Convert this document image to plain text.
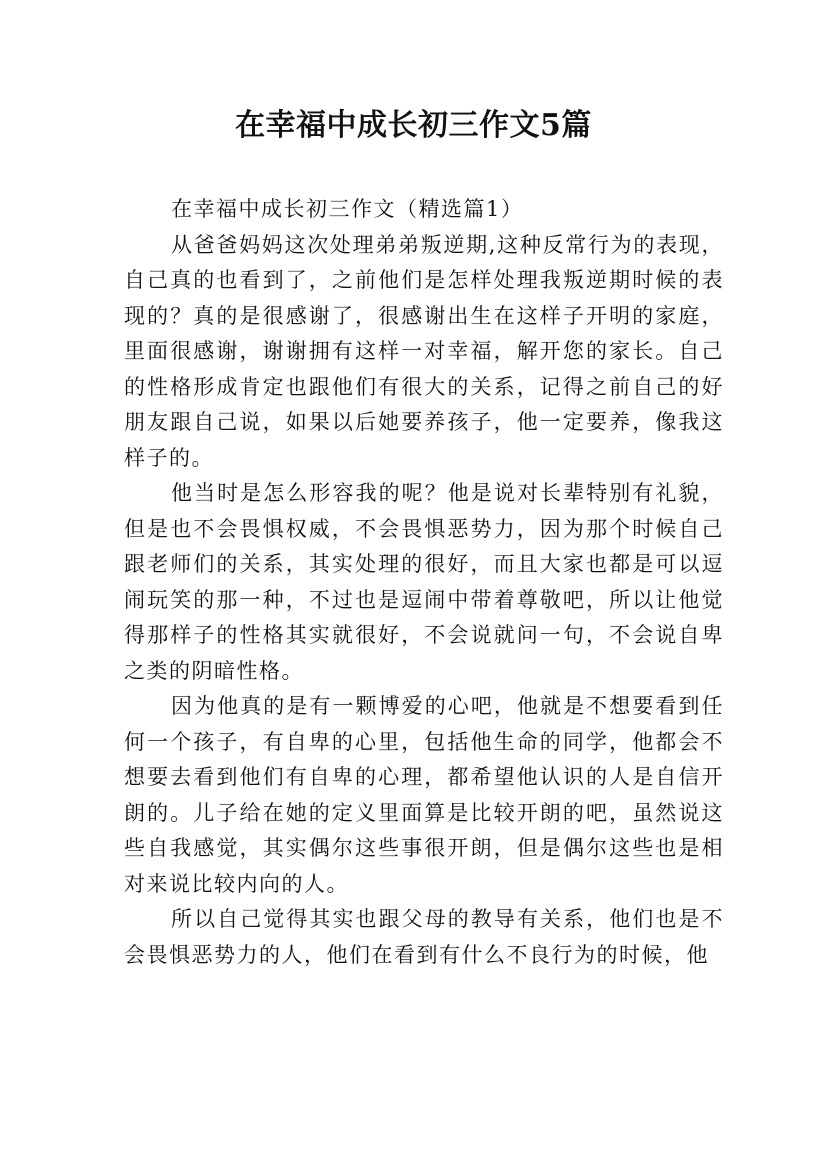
在幸福中成长初三作文5篇

在幸福中成长初三作文（精选篇1）

从爸爸妈妈这次处理弟弟叛逆期,这种反常行为的表现，自己真的也看到了，之前他们是怎样处理我叛逆期时候的表现的？真的是很感谢了，很感谢出生在这样子开明的家庭，里面很感谢，谢谢拥有这样一对幸福，解开您的家长。自己的性格形成肯定也跟他们有很大的关系，记得之前自己的好朋友跟自己说，如果以后她要养孩子，他一定要养，像我这样子的。

他当时是怎么形容我的呢？他是说对长辈特别有礼貌，但是也不会畏惧权威，不会畏惧恶势力，因为那个时候自己跟老师们的关系，其实处理的很好，而且大家也都是可以逗闹玩笑的那一种，不过也是逗闹中带着尊敬吧，所以让他觉得那样子的性格其实就很好，不会说就问一句，不会说自卑之类的阴暗性格。

因为他真的是有一颗博爱的心吧，他就是不想要看到任何一个孩子，有自卑的心里，包括他生命的同学，他都会不想要去看到他们有自卑的心理，都希望他认识的人是自信开朗的。儿子给在她的定义里面算是比较开朗的吧，虽然说这些自我感觉，其实偶尔这些事很开朗，但是偶尔这些也是相对来说比较内向的人。

所以自己觉得其实也跟父母的教导有关系，他们也是不会畏惧恶势力的人，他们在看到有什么不良行为的时候，他
